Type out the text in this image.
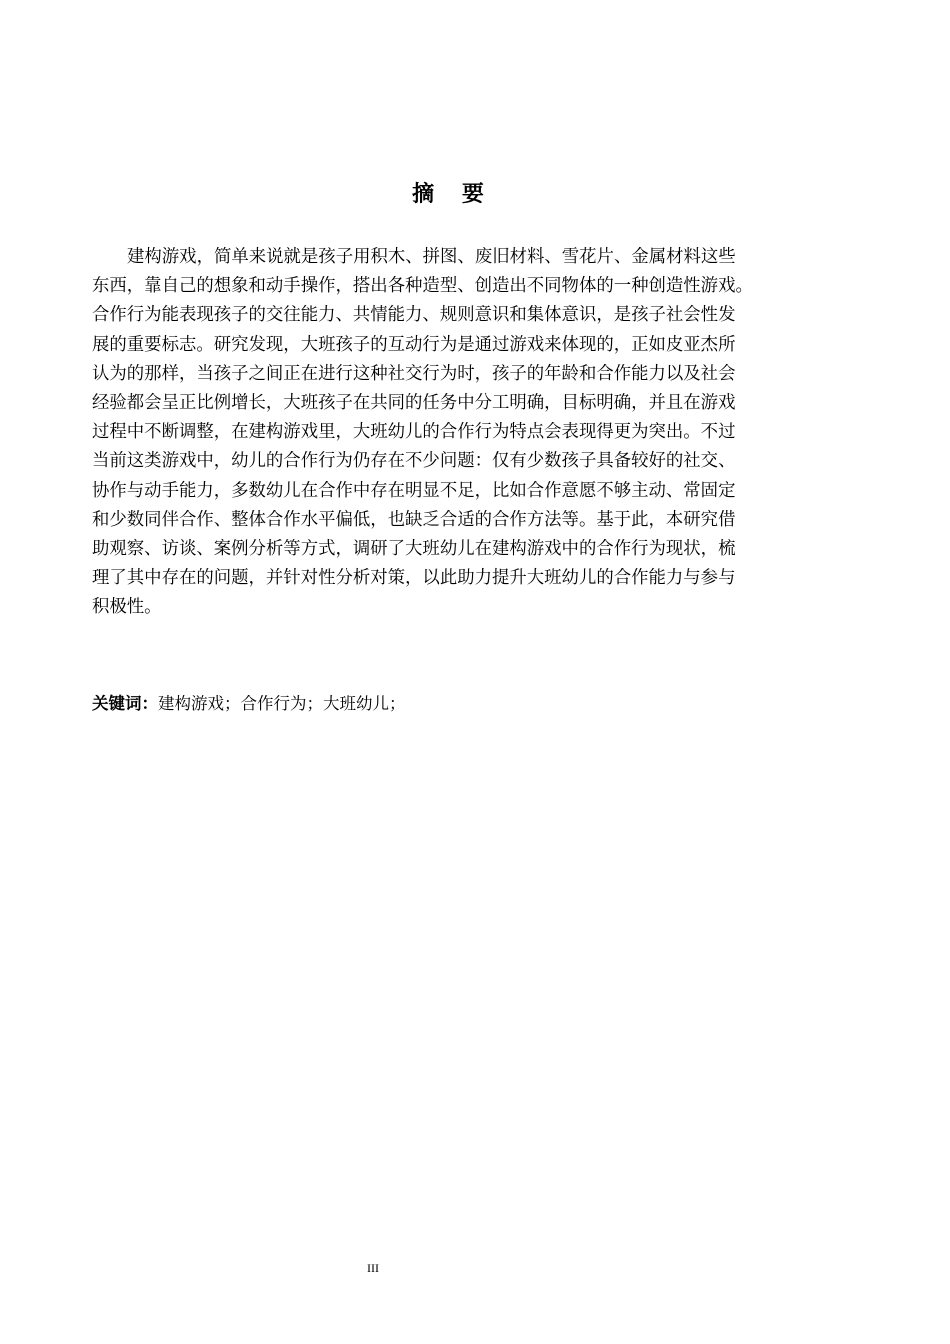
摘 要
建构游戏，简单来说就是孩子用积木、拼图、废旧材料、雪花片、金属材料这些
东西，靠自己的想象和动手操作，搭出各种造型、创造出不同物体的一种创造性游戏。
合作行为能表现孩子的交往能力、共情能力、规则意识和集体意识，是孩子社会性发
展的重要标志。研究发现，大班孩子的互动行为是通过游戏来体现的，正如皮亚杰所
认为的那样，当孩子之间正在进行这种社交行为时，孩子的年龄和合作能力以及社会
经验都会呈正比例增长，大班孩子在共同的任务中分工明确，目标明确，并且在游戏
过程中不断调整，在建构游戏里，大班幼儿的合作行为特点会表现得更为突出。不过
当前这类游戏中，幼儿的合作行为仍存在不少问题：仅有少数孩子具备较好的社交、
协作与动手能力，多数幼儿在合作中存在明显不足，比如合作意愿不够主动、常固定
和少数同伴合作、整体合作水平偏低，也缺乏合适的合作方法等。基于此，本研究借
助观察、访谈、案例分析等方式，调研了大班幼儿在建构游戏中的合作行为现状，梳
理了其中存在的问题，并针对性分析对策，以此助力提升大班幼儿的合作能力与参与
积极性。
关键词：建构游戏；合作行为；大班幼儿；
III
